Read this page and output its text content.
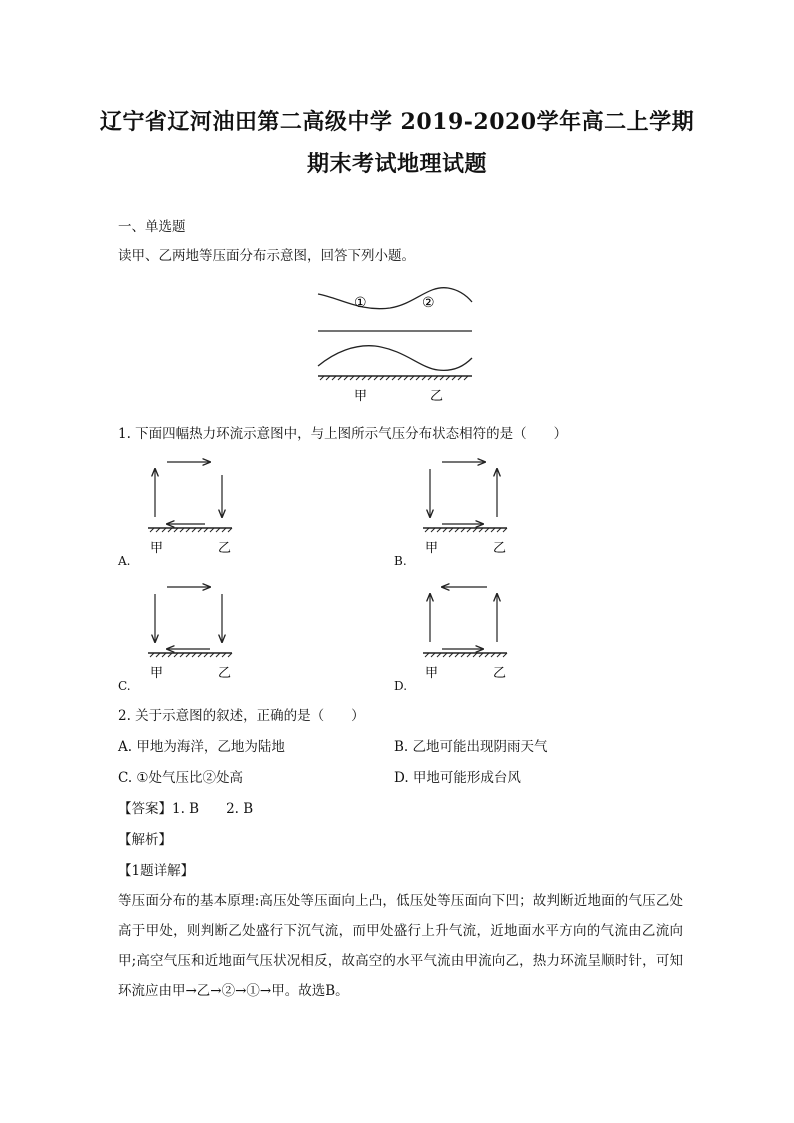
辽宁省辽河油田第二高级中学 2019-2020学年高二上学期
期末考试地理试题
一、单选题
读甲、乙两地等压面分布示意图，回答下列小题。
①	②
甲	乙
1. 下面四幅热力环流示意图中，与上图所示气压分布状态相符的是（　　）
甲	乙
A.
甲	乙
B.
甲	乙
C.
甲	乙
D.
2. 关于示意图的叙述，正确的是（　　）
A. 甲地为海洋，乙地为陆地	B. 乙地可能出现阴雨天气
C. ①处气压比②处高	D. 甲地可能形成台风
【答案】1. B　　2. B
【解析】
【1题详解】
等压面分布的基本原理:高压处等压面向上凸，低压处等压面向下凹；故判断近地面的气压乙处高于甲处，则判断乙处盛行下沉气流，而甲处盛行上升气流，近地面水平方向的气流由乙流向甲;高空气压和近地面气压状况相反，故高空的水平气流由甲流向乙，热力环流呈顺时针，可知环流应由甲→乙→②→①→甲。故选B。
